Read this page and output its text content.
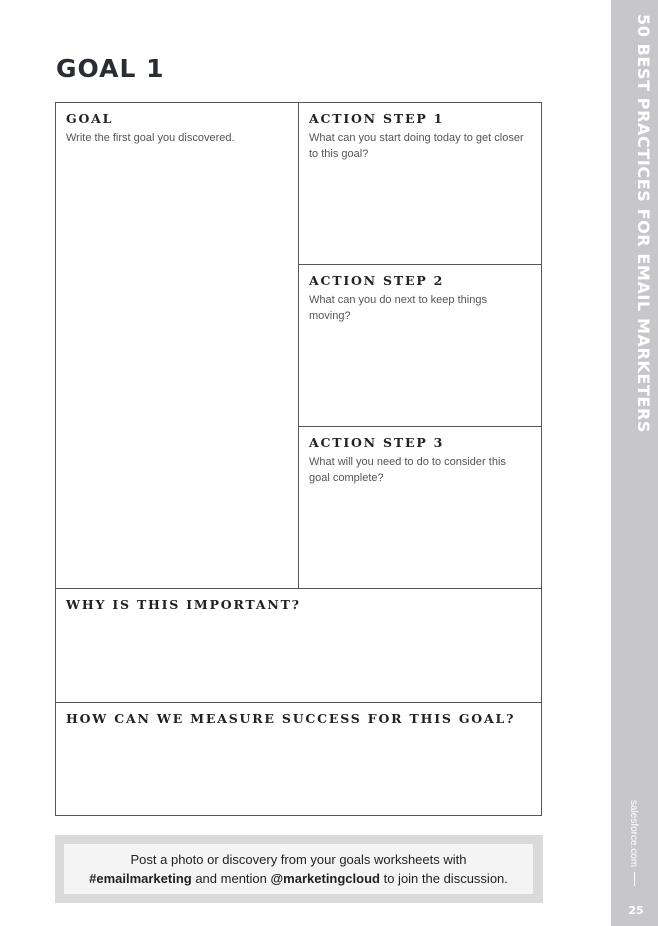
GOAL 1
GOAL
Write the first goal you discovered.
ACTION STEP 1
What can you start doing today to get closer to this goal?
ACTION STEP 2
What can you do next to keep things moving?
ACTION STEP 3
What will you need to do to consider this goal complete?
WHY IS THIS IMPORTANT?
HOW CAN WE MEASURE SUCCESS FOR THIS GOAL?
Post a photo or discovery from your goals worksheets with
#emailmarketing and mention @marketingcloud to join the discussion.
50 BEST PRACTICES FOR EMAIL MARKETERS
salesforce.com
25
